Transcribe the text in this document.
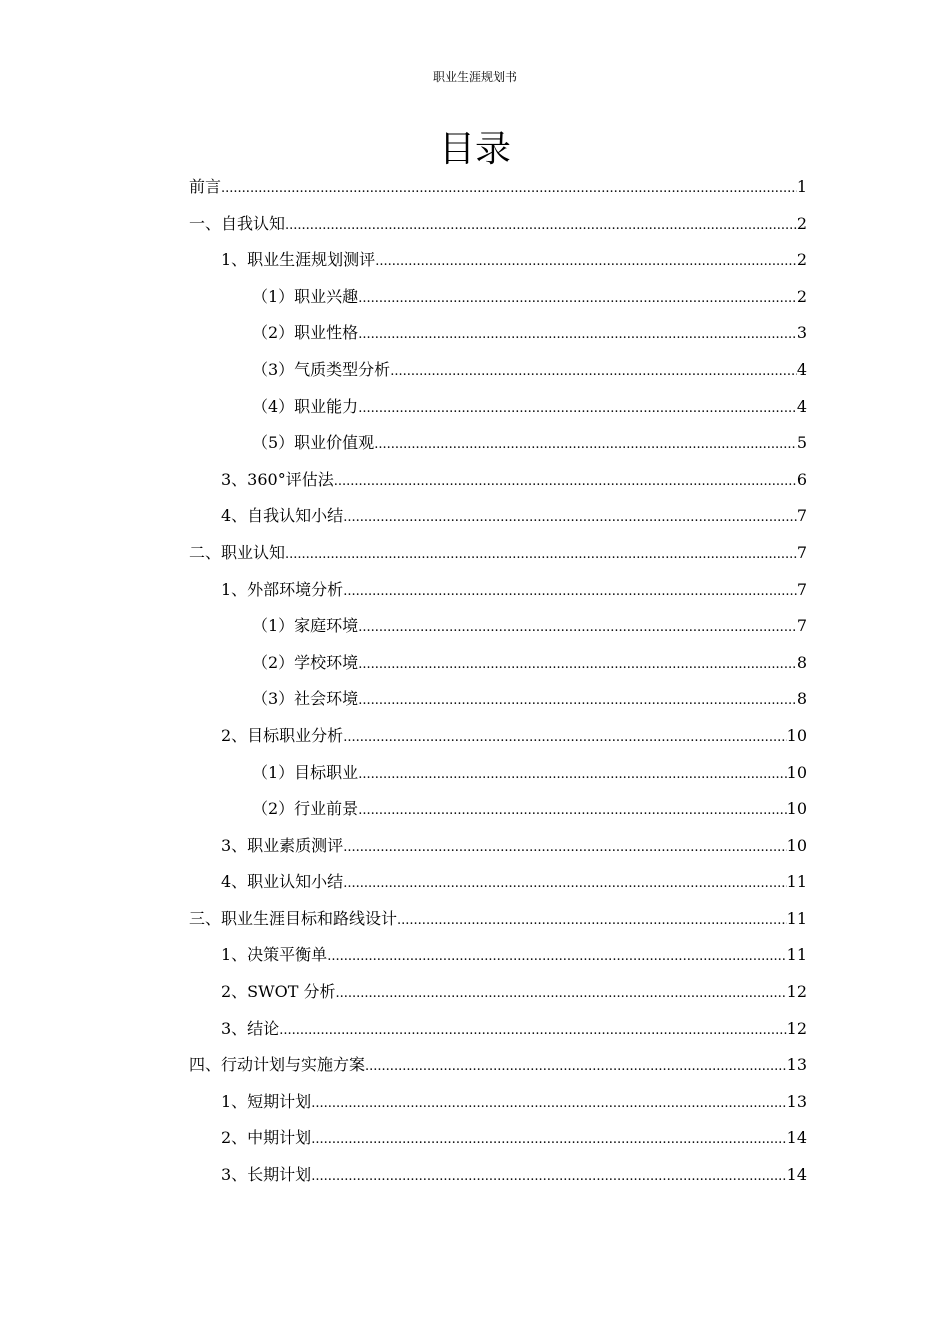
职业生涯规划书
目录
前言 .....	1
一、自我认知 .....	2
1、职业生涯规划测评 .....	2
（1）职业兴趣 .....	2
（2）职业性格 .....	3
（3）气质类型分析 .....	4
（4）职业能力 .....	4
（5）职业价值观 .....	5
3、360°评估法 .....	6
4、自我认知小结 .....	7
二、职业认知 .....	7
1、外部环境分析 .....	7
（1）家庭环境 .....	7
（2）学校环境 .....	8
（3）社会环境 .....	8
2、目标职业分析 .....	10
（1）目标职业 .....	10
（2）行业前景 .....	10
3、职业素质测评 .....	10
4、职业认知小结 .....	11
三、职业生涯目标和路线设计 .....	11
1、决策平衡单 .....	11
2、SWOT 分析 .....	12
3、结论 .....	12
四、行动计划与实施方案 .....	13
1、短期计划 .....	13
2、中期计划 .....	14
3、长期计划 .....	14
